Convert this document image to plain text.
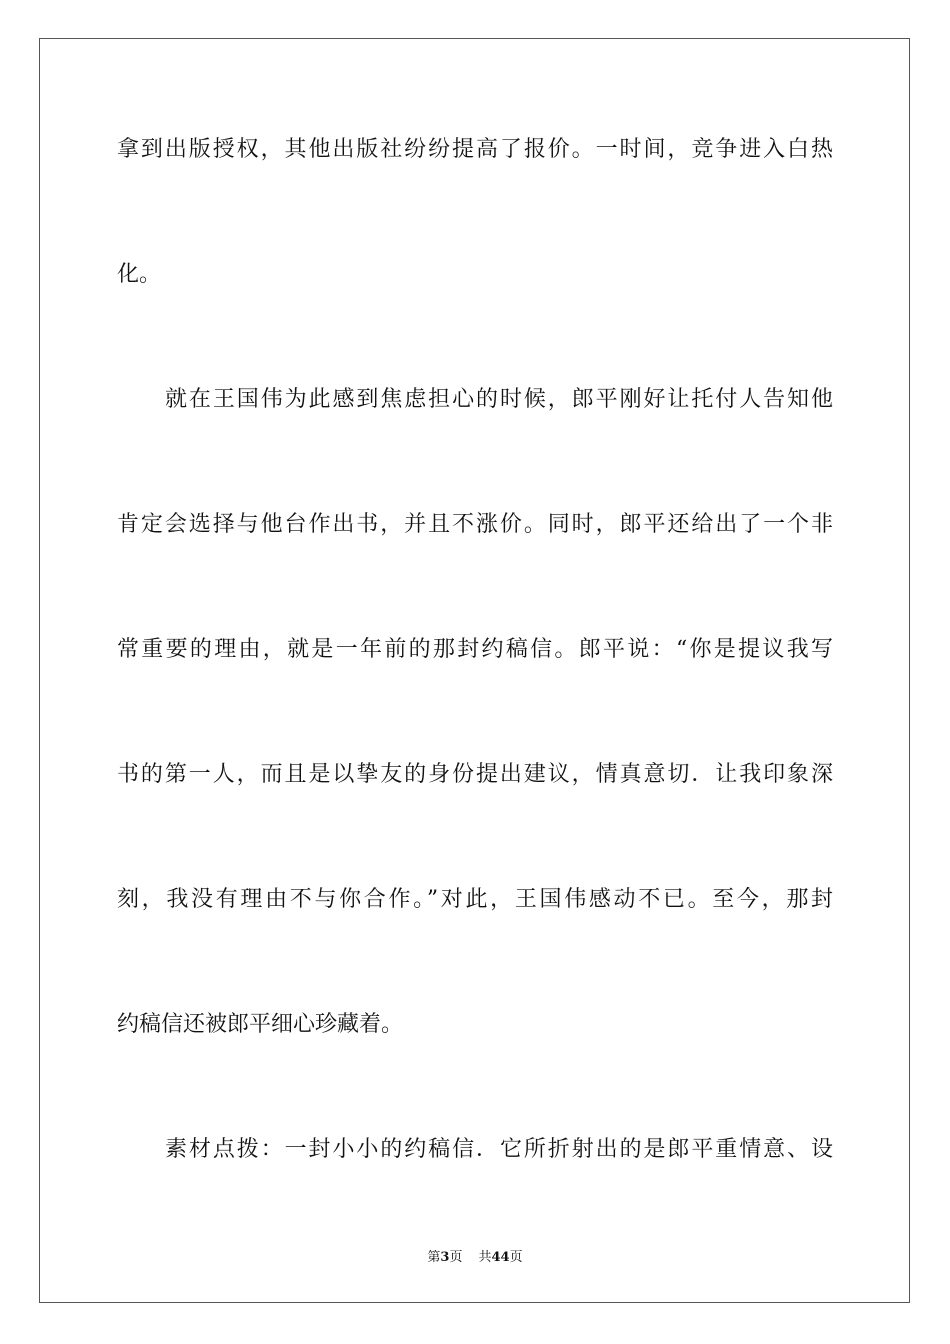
拿到出版授权，其他出版社纷纷提高了报价。一时间，竞争进入白热
化。
就在王国伟为此感到焦虑担心的时候，郎平刚好让托付人告知他
肯定会选择与他台作出书，并且不涨价。同时，郎平还给出了一个非
常重要的理由，就是一年前的那封约稿信。郎平说：“你是提议我写
书的第一人，而且是以挚友的身份提出建议，情真意切．让我印象深
刻，我没有理由不与你合作。”对此，王国伟感动不已。至今，那封
约稿信还被郎平细心珍藏着。
素材点拨：一封小小的约稿信．它所折射出的是郎平重情意、设
第3页 共44页
